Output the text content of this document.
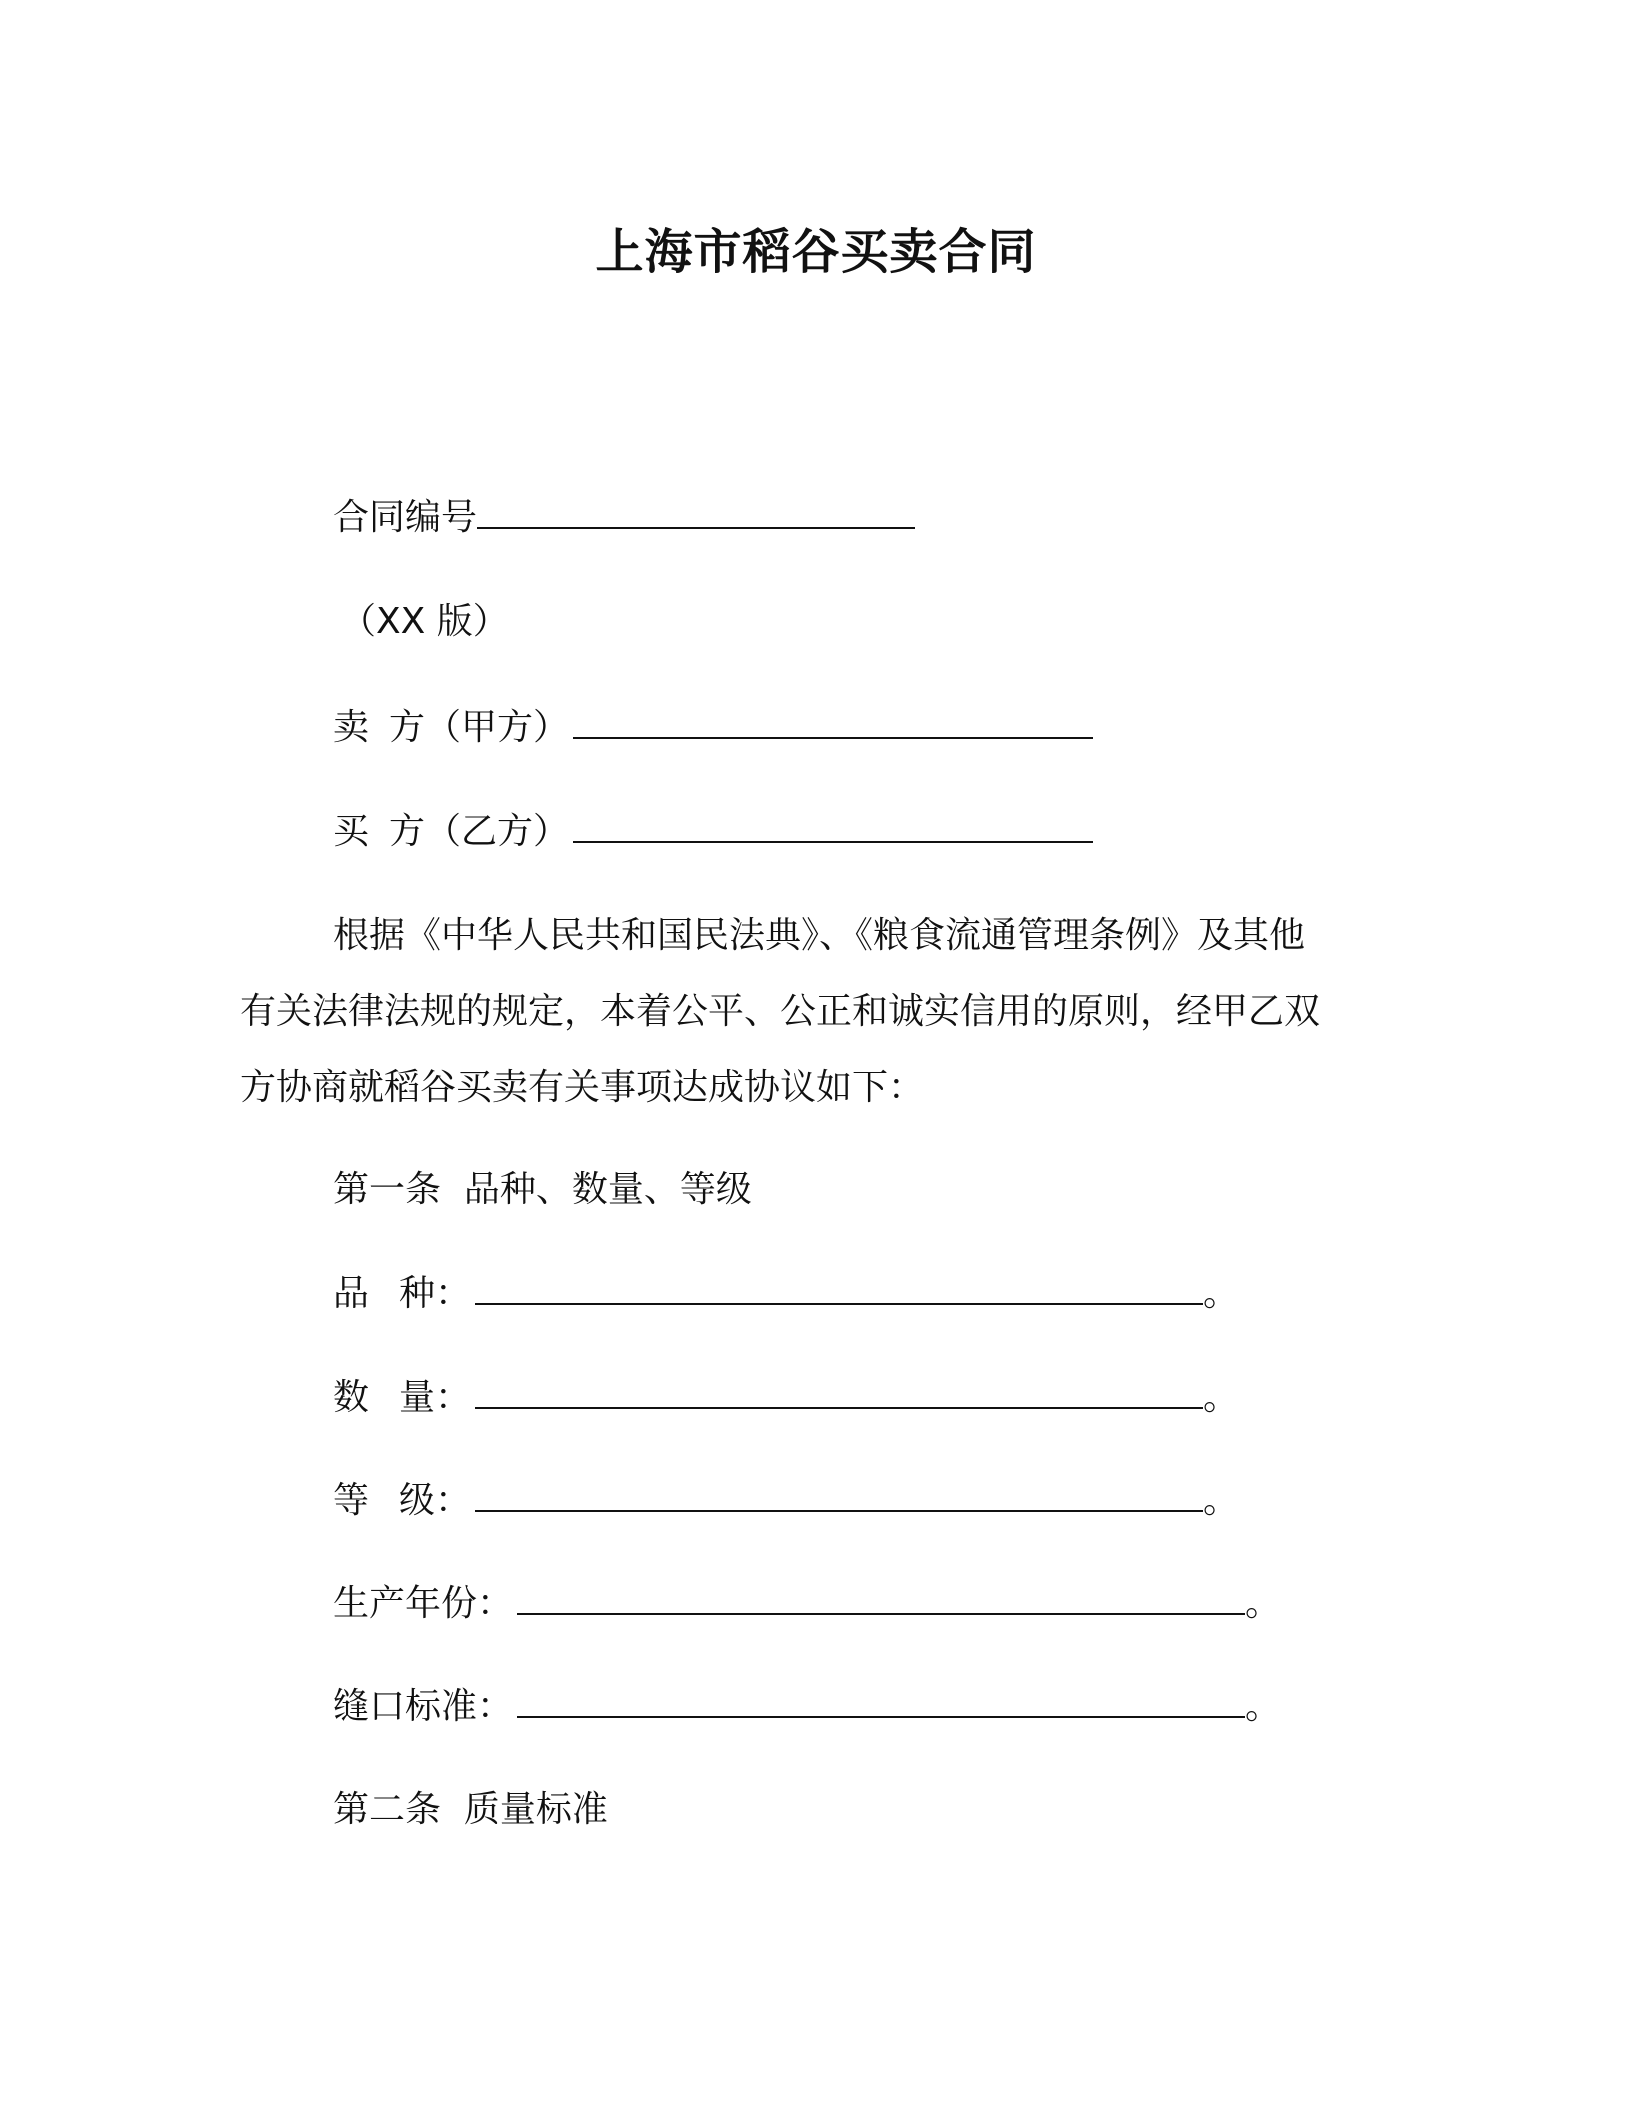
上海市稻谷买卖合同
合同编号
（XX 版）
卖 方（甲方）
买 方（乙方）
根据《中华人民共和国民法典》、《粮食流通管理条例》及其他
有关法律法规的规定，本着公平、公正和诚实信用的原则，经甲乙双
方协商就稻谷买卖有关事项达成协议如下：
第一条  品种、数量、等级
品 种：	。
数 量：	。
等 级：	。
生产年份：	。
缝口标准：	。
第二条  质量标准
